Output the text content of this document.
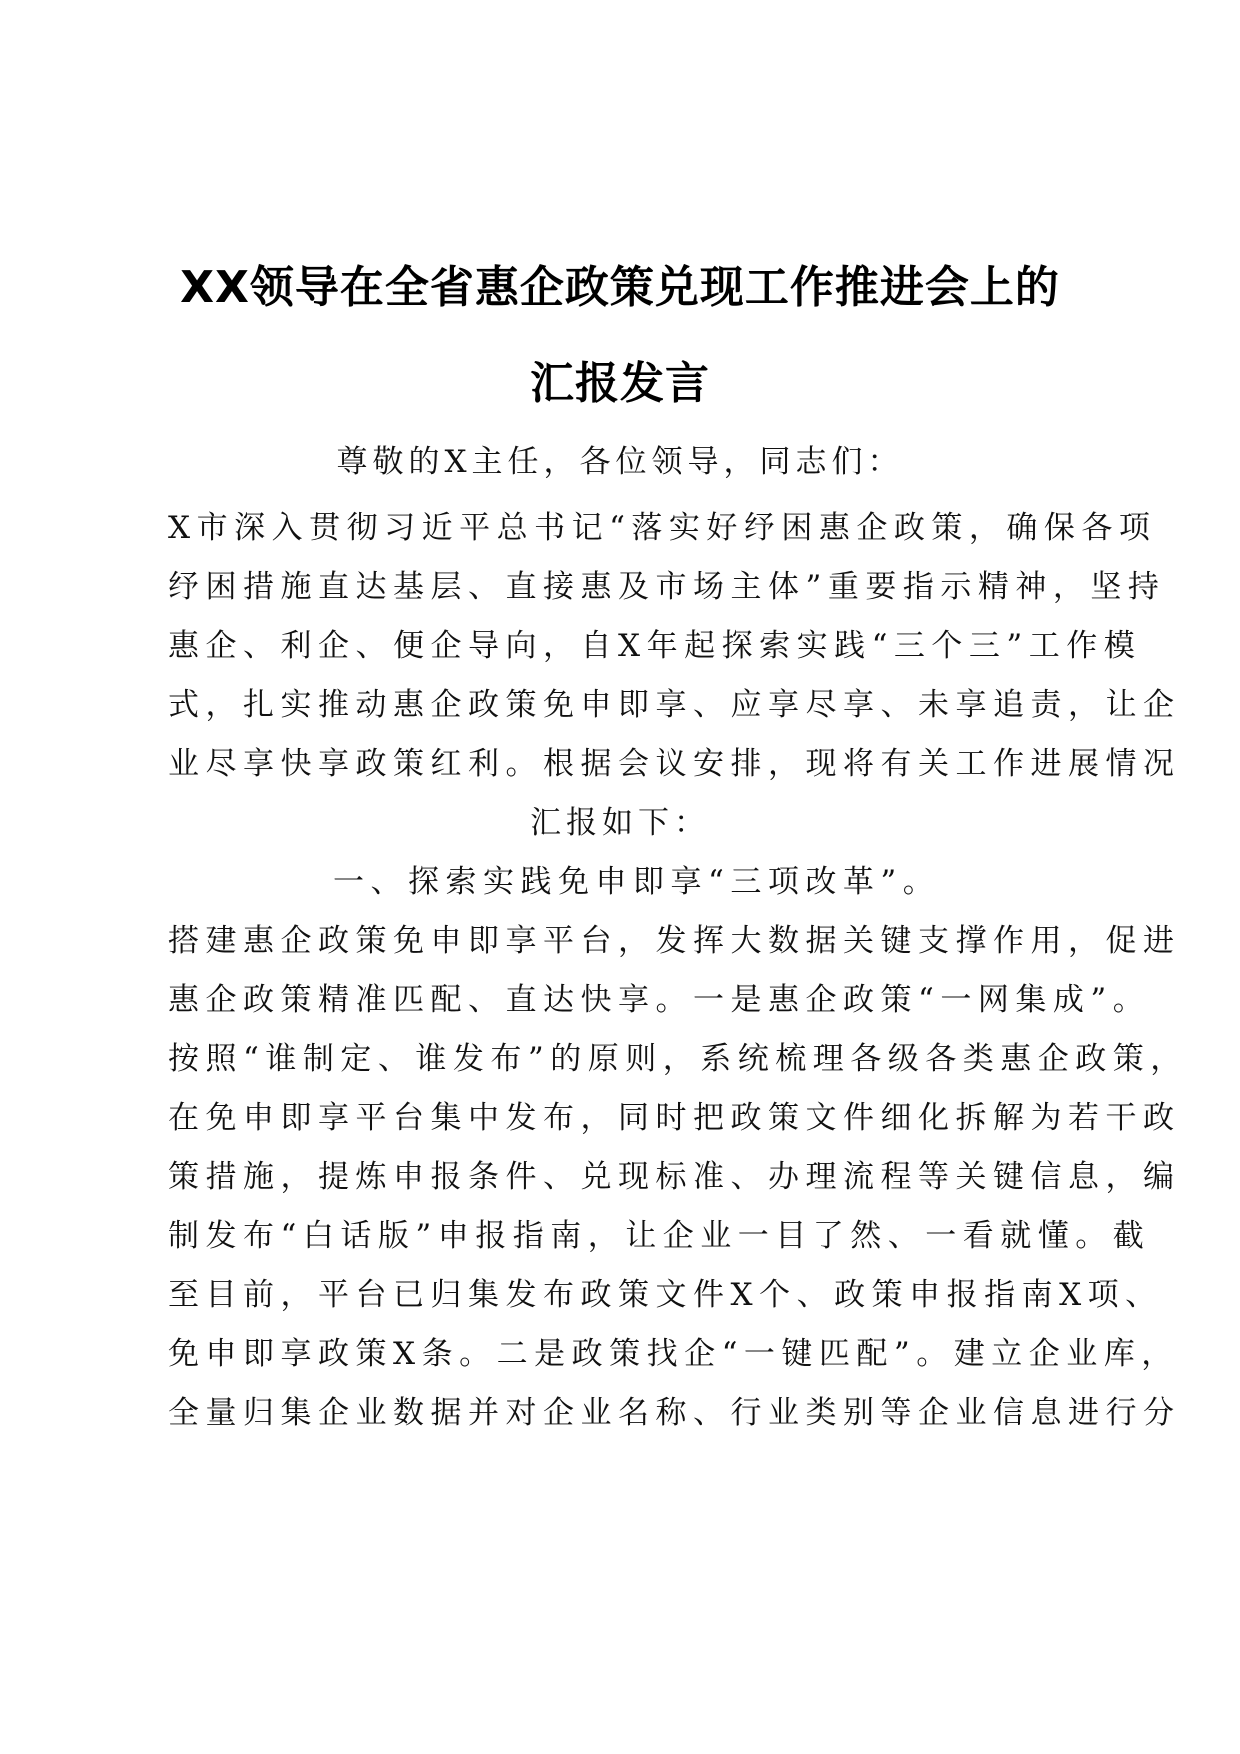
XX领导在全省惠企政策兑现工作推进会上的
汇报发言
尊敬的X主任，各位领导，同志们：
X市深入贯彻习近平总书记“落实好纾困惠企政策，确保各项
纾困措施直达基层、直接惠及市场主体”重要指示精神，坚持
惠企、利企、便企导向，自X年起探索实践“三个三”工作模
式，扎实推动惠企政策免申即享、应享尽享、未享追责，让企
业尽享快享政策红利。根据会议安排，现将有关工作进展情况
汇报如下：
一、探索实践免申即享“三项改革”。
搭建惠企政策免申即享平台，发挥大数据关键支撑作用，促进
惠企政策精准匹配、直达快享。一是惠企政策“一网集成”。
按照“谁制定、谁发布”的原则，系统梳理各级各类惠企政策，
在免申即享平台集中发布，同时把政策文件细化拆解为若干政
策措施，提炼申报条件、兑现标准、办理流程等关键信息，编
制发布“白话版”申报指南，让企业一目了然、一看就懂。截
至目前，平台已归集发布政策文件X个、政策申报指南X项、
免申即享政策X条。二是政策找企“一键匹配”。建立企业库，
全量归集企业数据并对企业名称、行业类别等企业信息进行分
